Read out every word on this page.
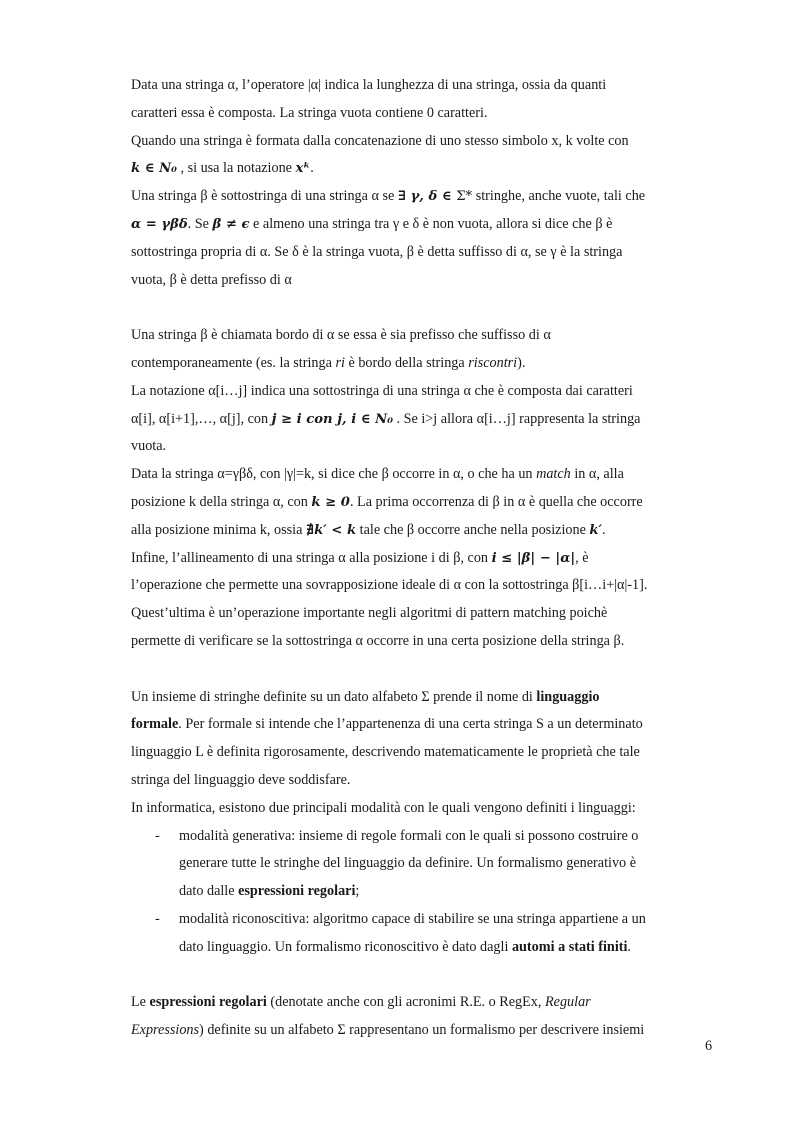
Data una stringa α, l’operatore |α| indica la lunghezza di una stringa, ossia da quanti
caratteri essa è composta. La stringa vuota contiene 0 caratteri.
Quando una stringa è formata dalla concatenazione di uno stesso simbolo x, k volte con
k ∈ N₀ , si usa la notazione xᵏ.
Una stringa β è sottostringa di una stringa α se ∃ γ, δ ∈ Σ* stringhe, anche vuote, tali che
α = γβδ. Se β ≠ ϵ e almeno una stringa tra γ e δ è non vuota, allora si dice che β è
sottostringa propria di α. Se δ è la stringa vuota, β è detta suffisso di α, se γ è la stringa
vuota, β è detta prefisso di α
Una stringa β è chiamata bordo di α se essa è sia prefisso che suffisso di α
contemporaneamente (es. la stringa ri è bordo della stringa riscontri).
La notazione α[i…j] indica una sottostringa di una stringa α che è composta dai caratteri
α[i], α[i+1],…, α[j], con j ≥ i con j, i ∈ N₀ . Se i>j allora α[i…j] rappresenta la stringa
vuota.
Data la stringa α=γβδ, con |γ|=k, si dice che β occorre in α, o che ha un match in α, alla
posizione k della stringa α, con k ≥ 0. La prima occorrenza di β in α è quella che occorre
alla posizione minima k, ossia ∄k′ < k tale che β occorre anche nella posizione k′.
Infine, l’allineamento di una stringa α alla posizione i di β, con i ≤ |β| − |α|, è
l’operazione che permette una sovrapposizione ideale di α con la sottostringa β[i…i+|α|-1].
Quest’ultima è un’operazione importante negli algoritmi di pattern matching poichè
permette di verificare se la sottostringa α occorre in una certa posizione della stringa β.
Un insieme di stringhe definite su un dato alfabeto Σ prende il nome di linguaggio
formale. Per formale si intende che l’appartenenza di una certa stringa S a un determinato
linguaggio L è definita rigorosamente, descrivendo matematicamente le proprietà che tale
stringa del linguaggio deve soddisfare.
In informatica, esistono due principali modalità con le quali vengono definiti i linguaggi:
- modalità generativa: insieme di regole formali con le quali si possono costruire o
generare tutte le stringhe del linguaggio da definire. Un formalismo generativo è
dato dalle espressioni regolari;
- modalità riconoscitiva: algoritmo capace di stabilire se una stringa appartiene a un
dato linguaggio. Un formalismo riconoscitivo è dato dagli automi a stati finiti.
Le espressioni regolari (denotate anche con gli acronimi R.E. o RegEx, Regular
Expressions) definite su un alfabeto Σ rappresentano un formalismo per descrivere insiemi
6
